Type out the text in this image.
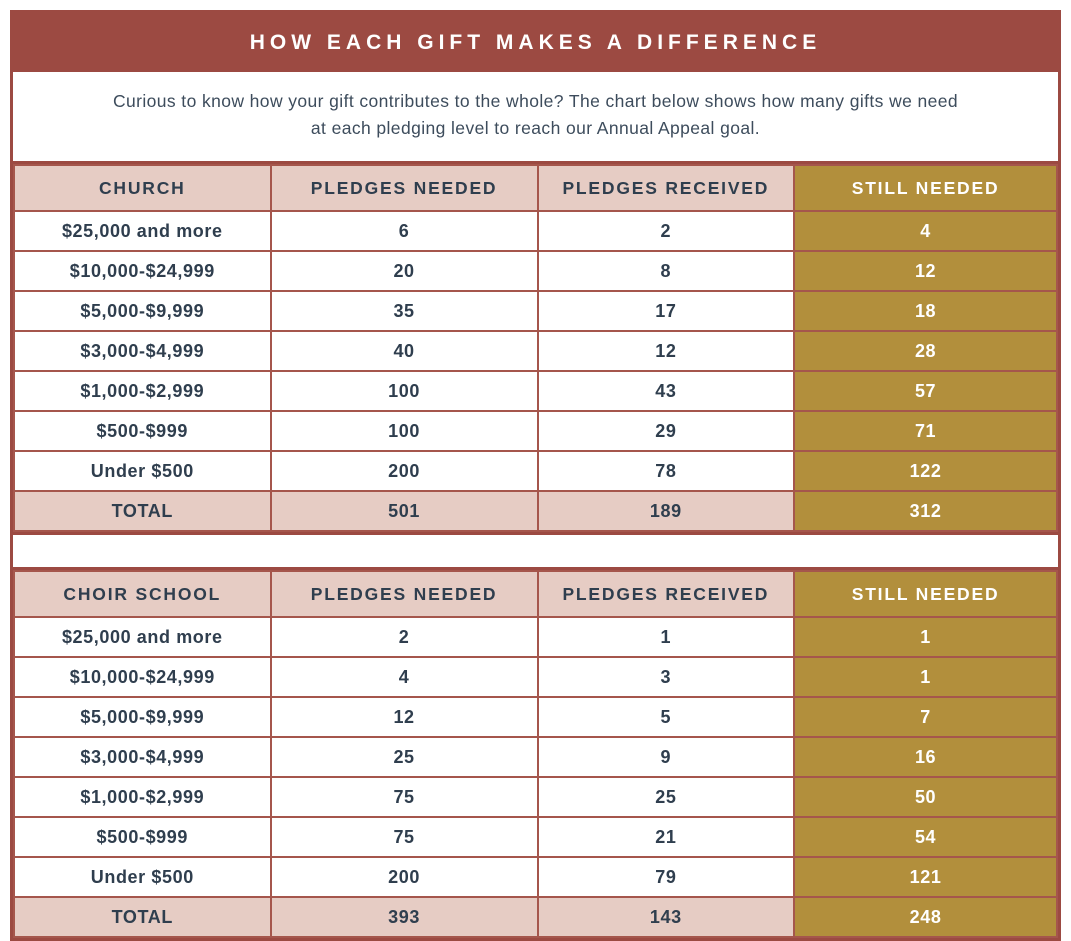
HOW EACH GIFT MAKES A DIFFERENCE
Curious to know how your gift contributes to the whole? The chart below shows how many gifts we need at each pledging level to reach our Annual Appeal goal.
CHURCH	PLEDGES NEEDED	PLEDGES RECEIVED	STILL NEEDED
$25,000 and more	6	2	4
$10,000-$24,999	20	8	12
$5,000-$9,999	35	17	18
$3,000-$4,999	40	12	28
$1,000-$2,999	100	43	57
$500-$999	100	29	71
Under $500	200	78	122
TOTAL	501	189	312
CHOIR SCHOOL	PLEDGES NEEDED	PLEDGES RECEIVED	STILL NEEDED
$25,000 and more	2	1	1
$10,000-$24,999	4	3	1
$5,000-$9,999	12	5	7
$3,000-$4,999	25	9	16
$1,000-$2,999	75	25	50
$500-$999	75	21	54
Under $500	200	79	121
TOTAL	393	143	248
